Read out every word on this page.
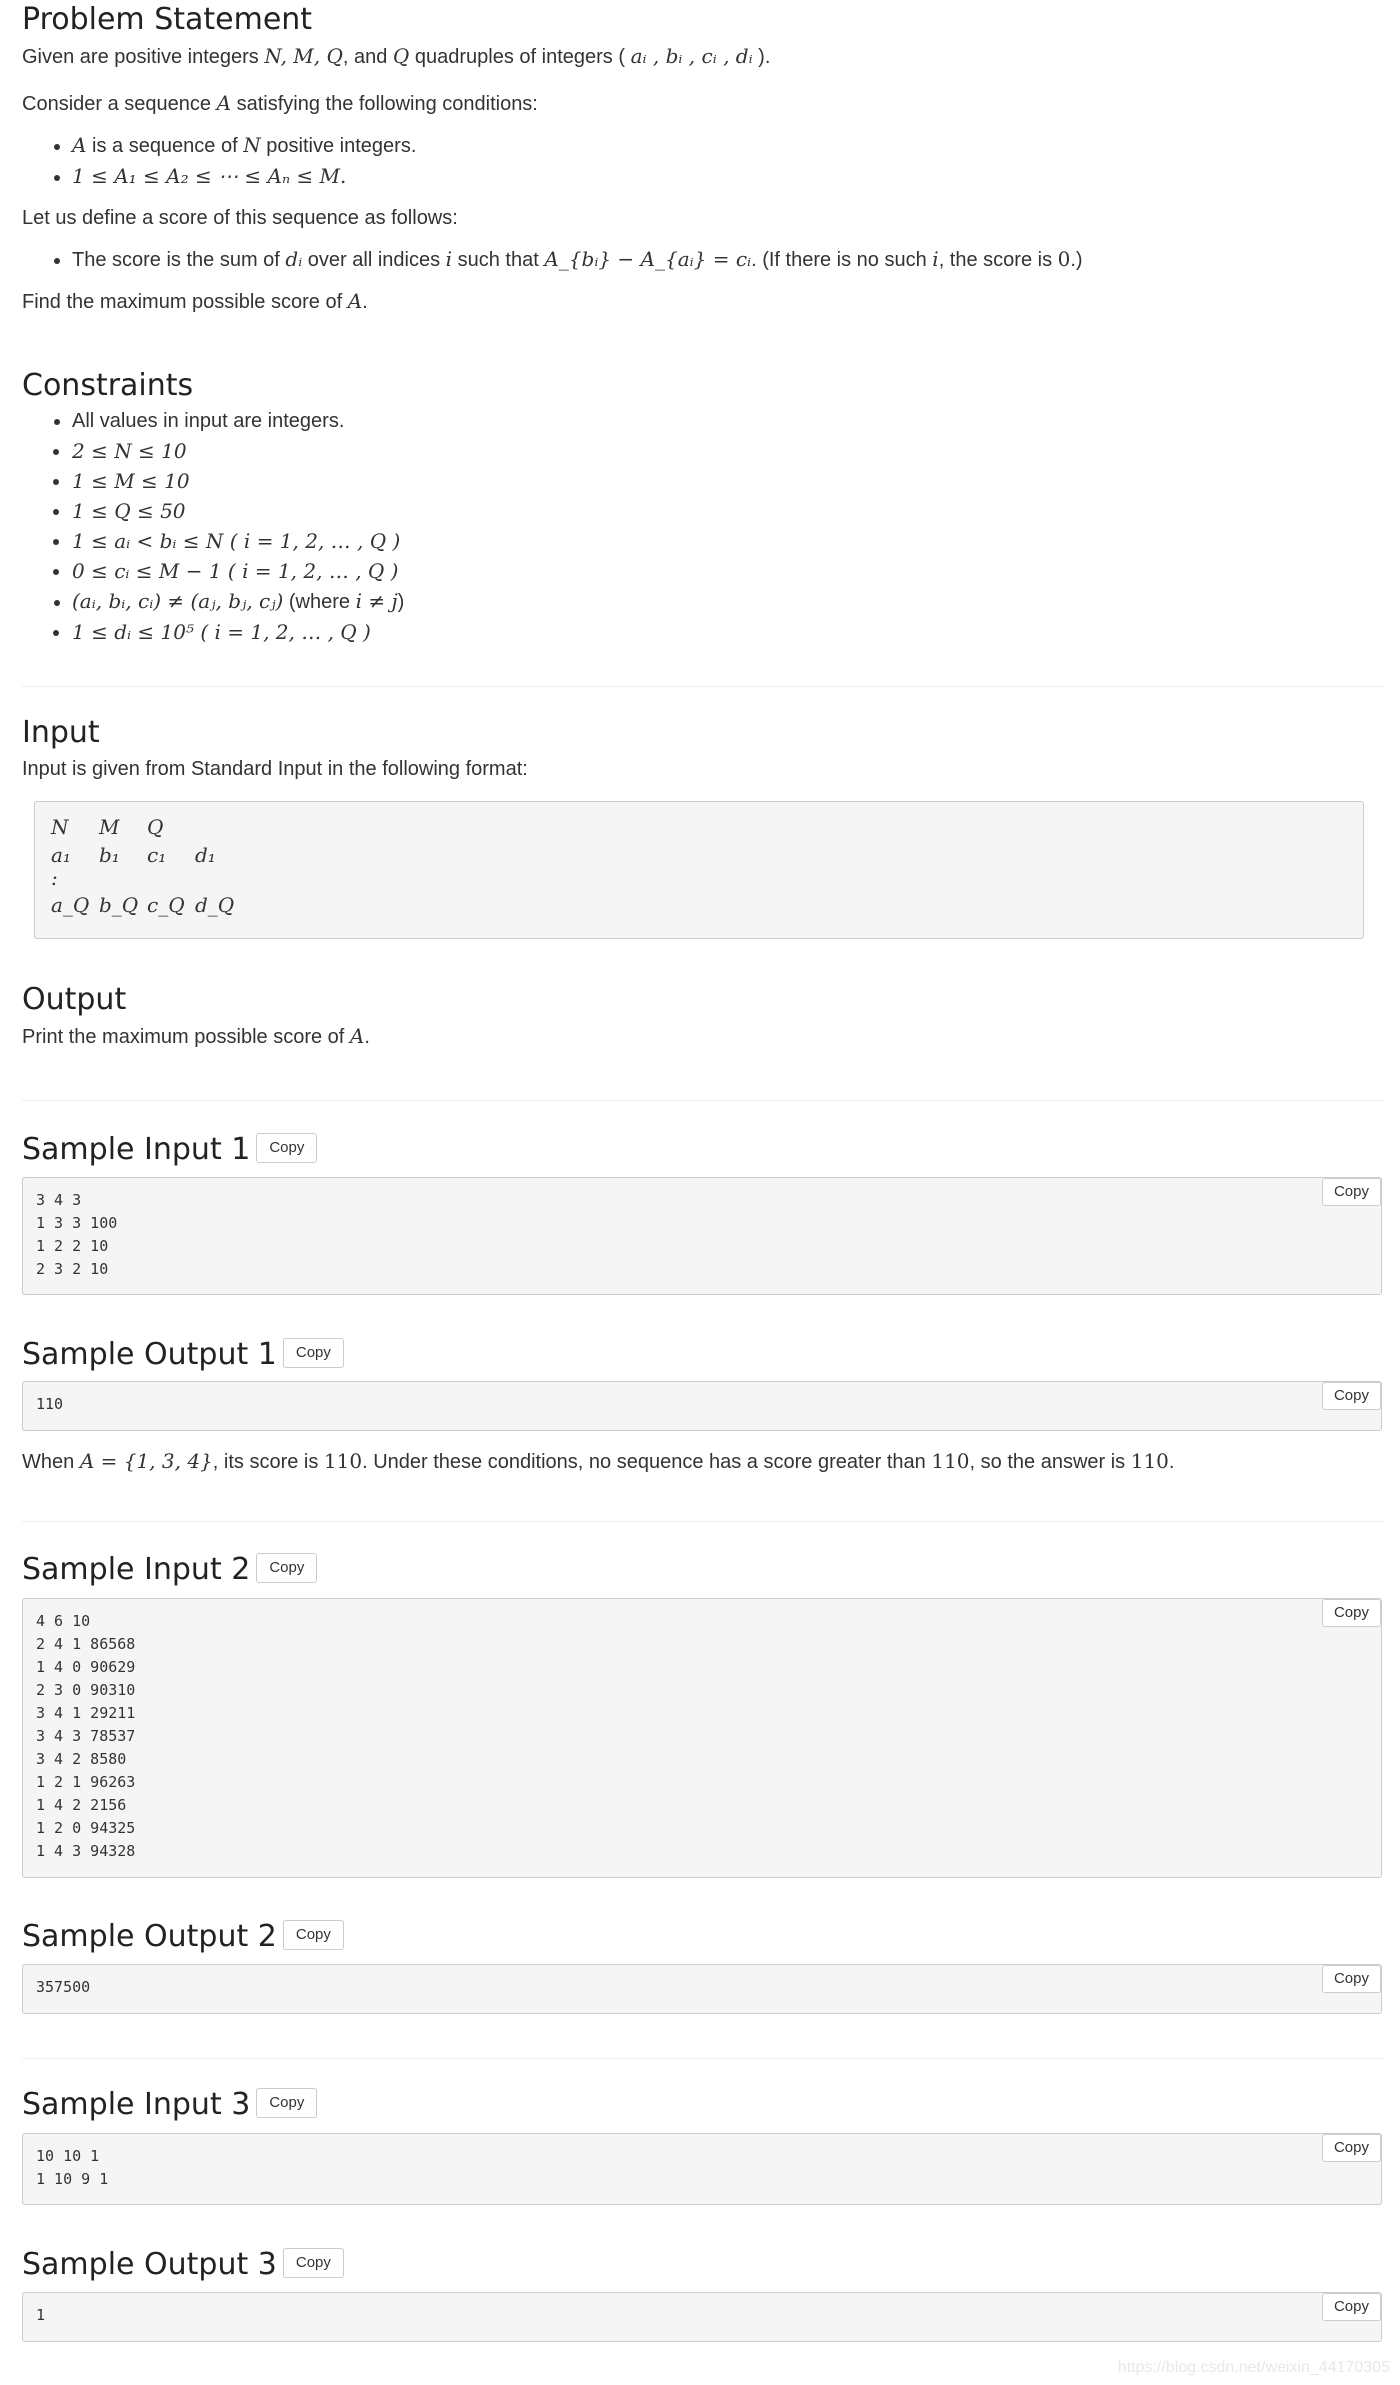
Problem Statement

Given are positive integers N, M, Q, and Q quadruples of integers ( aᵢ , bᵢ , cᵢ , dᵢ ).

Consider a sequence A satisfying the following conditions:

• A is a sequence of N positive integers.
• 1 ≤ A₁ ≤ A₂ ≤ ⋯ ≤ Aₙ ≤ M.

Let us define a score of this sequence as follows:

• The score is the sum of dᵢ over all indices i such that A_{bᵢ} − A_{aᵢ} = cᵢ. (If there is no such i, the score is 0.)

Find the maximum possible score of A.

Constraints
• All values in input are integers.
• 2 ≤ N ≤ 10
• 1 ≤ M ≤ 10
• 1 ≤ Q ≤ 50
• 1 ≤ aᵢ < bᵢ ≤ N ( i = 1, 2, … , Q )
• 0 ≤ cᵢ ≤ M − 1 ( i = 1, 2, … , Q )
• (aᵢ, bᵢ, cᵢ) ≠ (aⱼ, bⱼ, cⱼ) (where i ≠ j)
• 1 ≤ dᵢ ≤ 10⁵ ( i = 1, 2, … , Q )
Input

Input is given from Standard Input in the following format:

N M Q
a₁ b₁ c₁ d₁
:
a_Q b_Q c_Q d_Q
Output

Print the maximum possible score of A.

Sample Input 1 Copy
3 4 3
1 3 3 100
1 2 2 10
2 3 2 10
Copy
Sample Output 1 Copy
110	Copy

When A = {1, 3, 4}, its score is 110. Under these conditions, no sequence has a score greater than 110, so the answer is 110.

Sample Input 2 Copy
4 6 10
2 4 1 86568
1 4 0 90629
2 3 0 90310
3 4 1 29211
3 4 3 78537
3 4 2 8580
1 2 1 96263
1 4 2 2156
1 2 0 94325
1 4 3 94328
Copy
Sample Output 2 Copy
357500	Copy
Sample Input 3 Copy
10 10 1
1 10 9 1
Copy
Sample Output 3 Copy
1	Copy
https://blog.csdn.net/weixin_44170305
